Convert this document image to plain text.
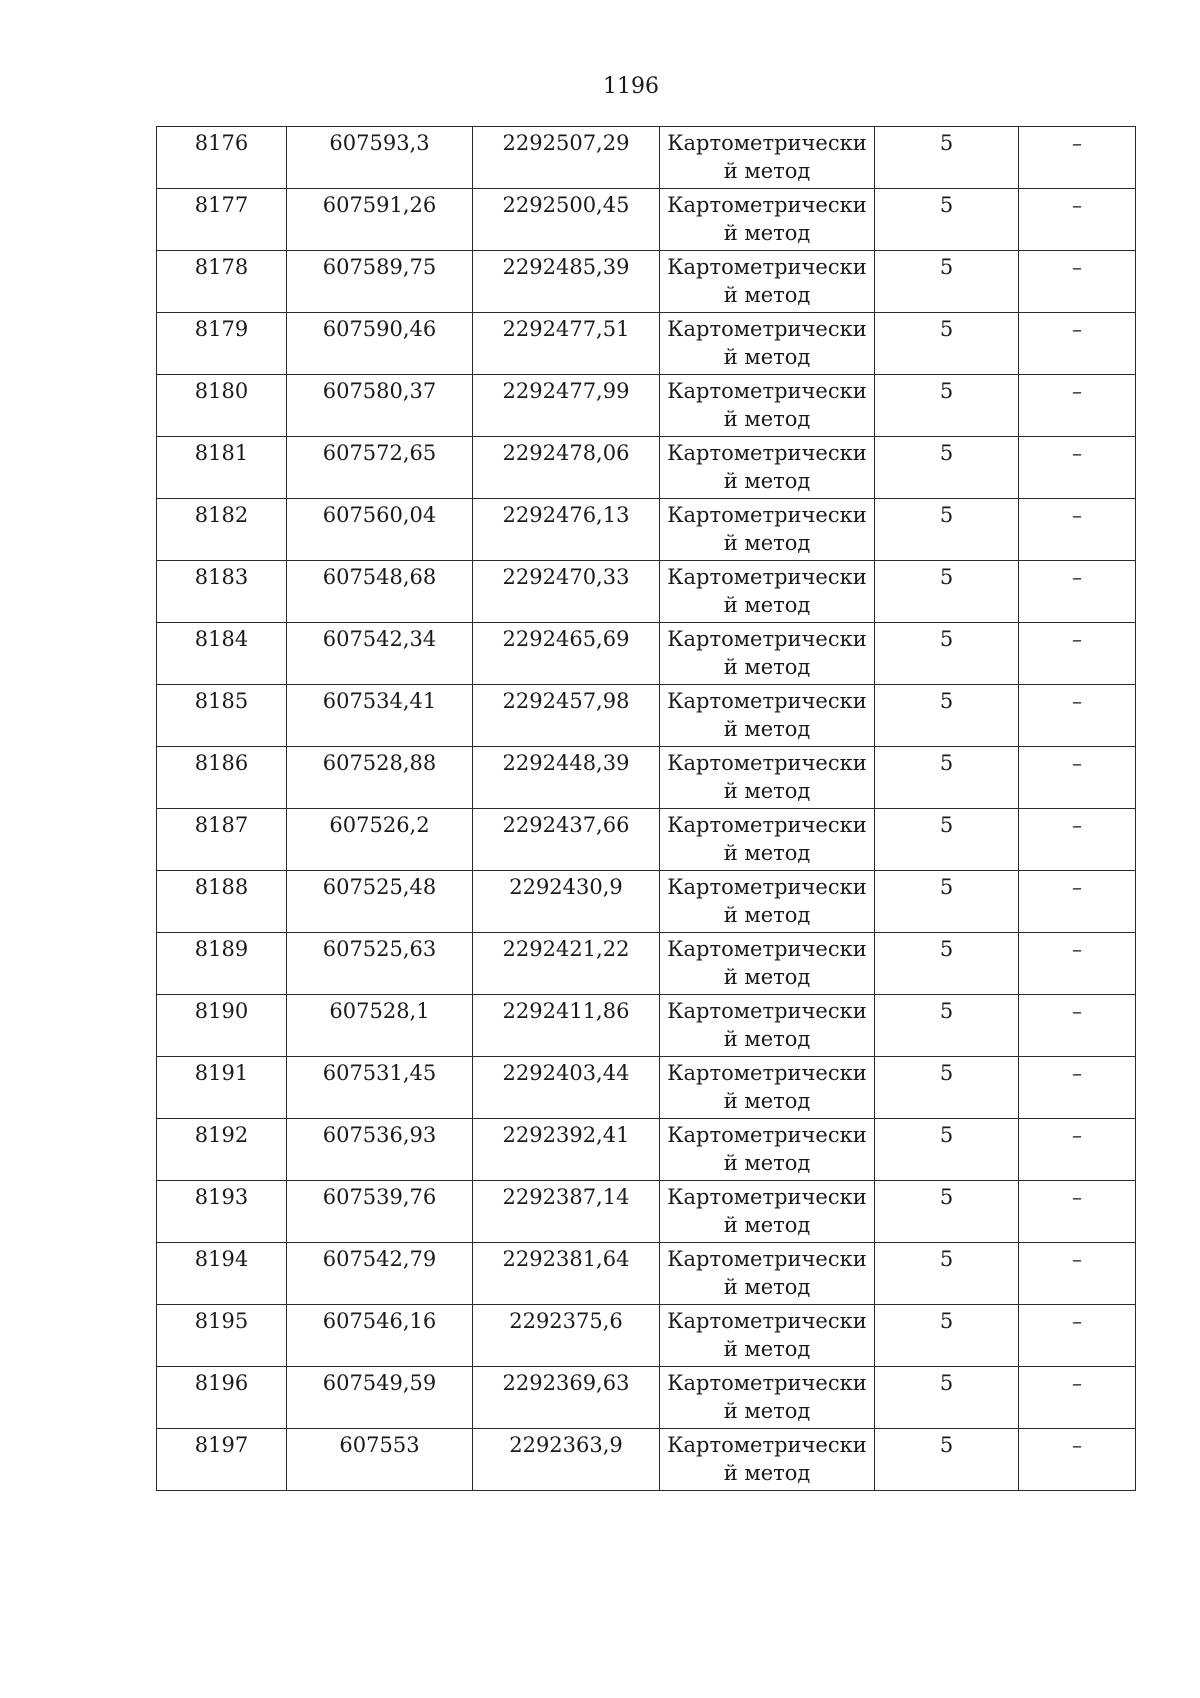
1196
8176	607593,3	2292507,29	Картометрически й метод	5	–
8177	607591,26	2292500,45	Картометрически й метод	5	–
8178	607589,75	2292485,39	Картометрически й метод	5	–
8179	607590,46	2292477,51	Картометрически й метод	5	–
8180	607580,37	2292477,99	Картометрически й метод	5	–
8181	607572,65	2292478,06	Картометрически й метод	5	–
8182	607560,04	2292476,13	Картометрически й метод	5	–
8183	607548,68	2292470,33	Картометрически й метод	5	–
8184	607542,34	2292465,69	Картометрически й метод	5	–
8185	607534,41	2292457,98	Картометрически й метод	5	–
8186	607528,88	2292448,39	Картометрически й метод	5	–
8187	607526,2	2292437,66	Картометрически й метод	5	–
8188	607525,48	2292430,9	Картометрически й метод	5	–
8189	607525,63	2292421,22	Картометрически й метод	5	–
8190	607528,1	2292411,86	Картометрически й метод	5	–
8191	607531,45	2292403,44	Картометрически й метод	5	–
8192	607536,93	2292392,41	Картометрически й метод	5	–
8193	607539,76	2292387,14	Картометрически й метод	5	–
8194	607542,79	2292381,64	Картометрически й метод	5	–
8195	607546,16	2292375,6	Картометрически й метод	5	–
8196	607549,59	2292369,63	Картометрически й метод	5	–
8197	607553	2292363,9	Картометрически й метод	5	–
